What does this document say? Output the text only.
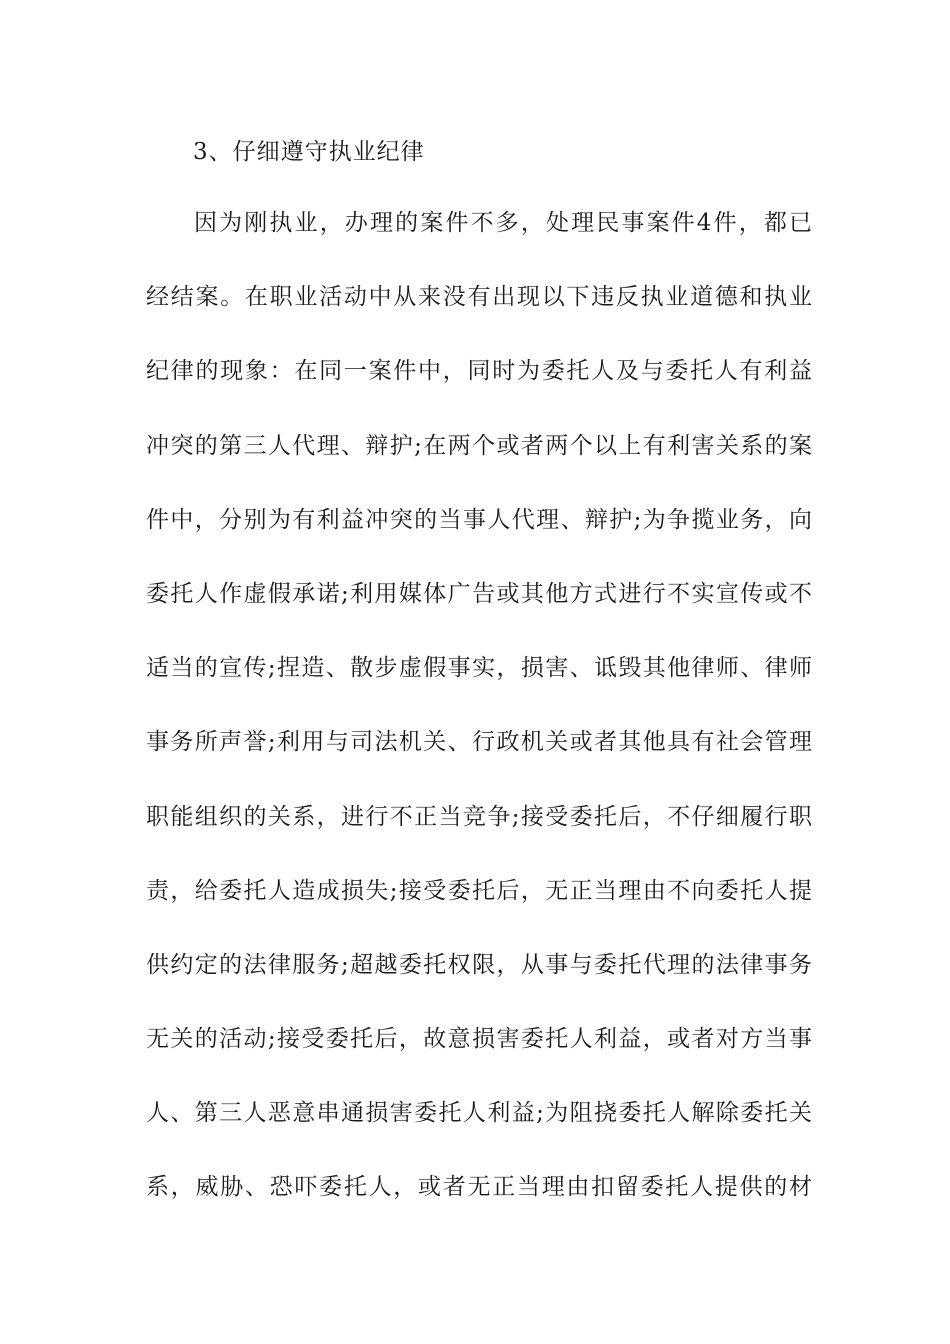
3、仔细遵守执业纪律
因为刚执业，办理的案件不多，处理民事案件4件，都已
经结案。在职业活动中从来没有出现以下违反执业道德和执业
纪律的现象：在同一案件中，同时为委托人及与委托人有利益
冲突的第三人代理、辩护;在两个或者两个以上有利害关系的案
件中，分别为有利益冲突的当事人代理、辩护;为争揽业务，向
委托人作虚假承诺;利用媒体广告或其他方式进行不实宣传或不
适当的宣传;捏造、散步虚假事实，损害、诋毁其他律师、律师
事务所声誉;利用与司法机关、行政机关或者其他具有社会管理
职能组织的关系，进行不正当竞争;接受委托后，不仔细履行职
责，给委托人造成损失;接受委托后，无正当理由不向委托人提
供约定的法律服务;超越委托权限，从事与委托代理的法律事务
无关的活动;接受委托后，故意损害委托人利益，或者对方当事
人、第三人恶意串通损害委托人利益;为阻挠委托人解除委托关
系，威胁、恐吓委托人，或者无正当理由扣留委托人提供的材
